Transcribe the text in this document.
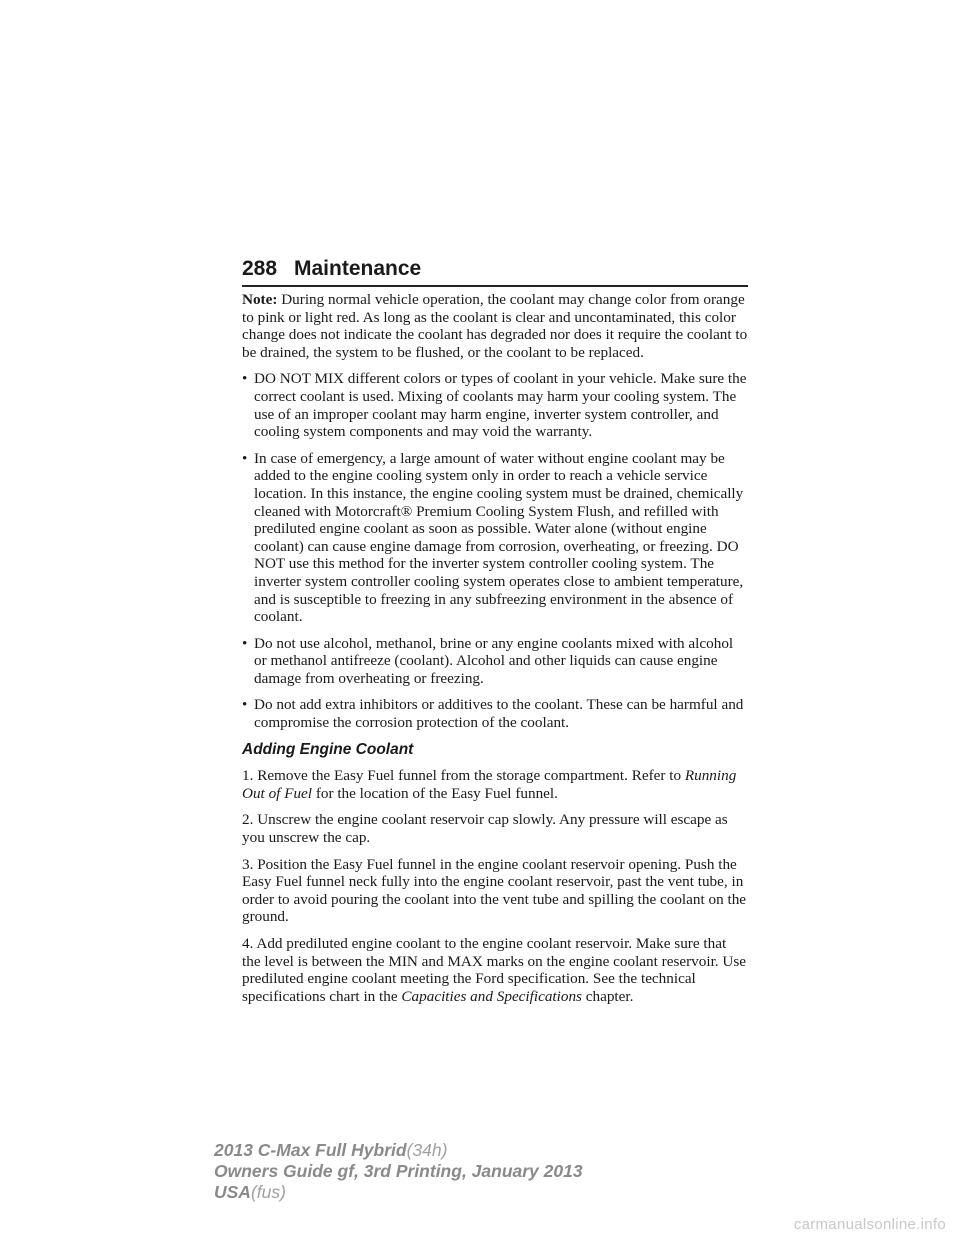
288 Maintenance

Note: During normal vehicle operation, the coolant may change color from orange to pink or light red. As long as the coolant is clear and uncontaminated, this color change does not indicate the coolant has degraded nor does it require the coolant to be drained, the system to be flushed, or the coolant to be replaced.

• DO NOT MIX different colors or types of coolant in your vehicle. Make sure the correct coolant is used. Mixing of coolants may harm your cooling system. The use of an improper coolant may harm engine, inverter system controller, and cooling system components and may void the warranty.
• In case of emergency, a large amount of water without engine coolant may be added to the engine cooling system only in order to reach a vehicle service location. In this instance, the engine cooling system must be drained, chemically cleaned with Motorcraft® Premium Cooling System Flush, and refilled with prediluted engine coolant as soon as possible. Water alone (without engine coolant) can cause engine damage from corrosion, overheating, or freezing. DO NOT use this method for the inverter system controller cooling system. The inverter system controller cooling system operates close to ambient temperature, and is susceptible to freezing in any subfreezing environment in the absence of coolant.
• Do not use alcohol, methanol, brine or any engine coolants mixed with alcohol or methanol antifreeze (coolant). Alcohol and other liquids can cause engine damage from overheating or freezing.
• Do not add extra inhibitors or additives to the coolant. These can be harmful and compromise the corrosion protection of the coolant.
Adding Engine Coolant

1. Remove the Easy Fuel funnel from the storage compartment. Refer to Running Out of Fuel for the location of the Easy Fuel funnel.

2. Unscrew the engine coolant reservoir cap slowly. Any pressure will escape as you unscrew the cap.

3. Position the Easy Fuel funnel in the engine coolant reservoir opening. Push the Easy Fuel funnel neck fully into the engine coolant reservoir, past the vent tube, in order to avoid pouring the coolant into the vent tube and spilling the coolant on the ground.

4. Add prediluted engine coolant to the engine coolant reservoir. Make sure that the level is between the MIN and MAX marks on the engine coolant reservoir. Use prediluted engine coolant meeting the Ford specification. See the technical specifications chart in the Capacities and Specifications chapter.

2013 C-Max Full Hybrid(34h)
Owners Guide gf, 3rd Printing, January 2013
USA(fus)
carmanualsonline.info
